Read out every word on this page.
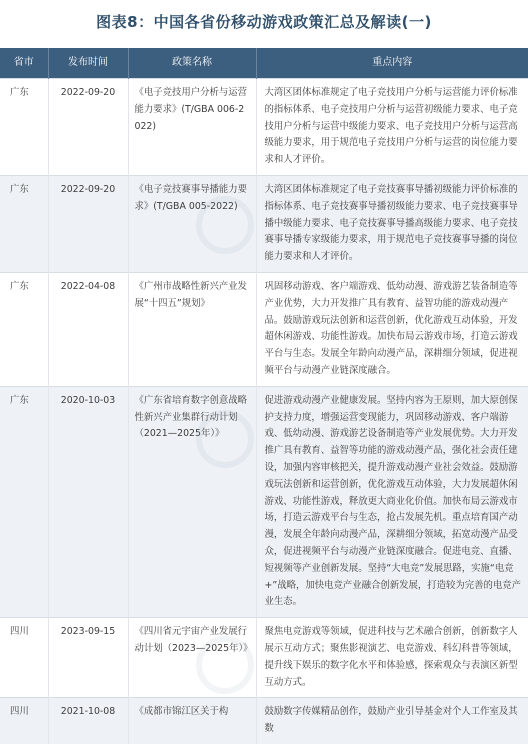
图表8：中国各省份移动游戏政策汇总及解读(一)
省市	发布时间	政策名称	重点内容
广东	2022-09-20	《电子竞技用户分析与运营能力要求》(T/GBA 006-2022)	大湾区团体标准规定了电子竞技用户分析与运营能力评价标准的指标体系、电子竞技用户分析与运营初级能力要求、电子竞技用户分析与运营中级能力要求、电子竞技用户分析与运营高级能力要求，用于规范电子竞技用户分析与运营的岗位能力要求和人才评价。
广东	2022-09-20	《电子竞技赛事导播能力要求》(T/GBA 005-2022)	大湾区团体标准规定了电子竞技赛事导播初级能力评价标准的指标体系、电子竞技赛事导播初级能力要求、电子竞技赛事导播中级能力要求、电子竞技赛事导播高级能力要求、电子竞技赛事导播专家级能力要求，用于规范电子竞技赛事导播的岗位能力要求和人才评价。
广东	2022-04-08	《广州市战略性新兴产业发展“十四五”规划》	巩固移动游戏、客户端游戏、低幼动漫、游戏游艺装备制造等产业优势，大力开发推广具有教育、益智功能的游戏动漫产品。鼓励游戏玩法创新和运营创新，优化游戏互动体验，开发超休闲游戏、功能性游戏。加快布局云游戏市场，打造云游戏平台与生态。发展全年龄向动漫产品，深耕细分领域，促进视频平台与动漫产业链深度融合。
广东	2020-10-03	《广东省培育数字创意战略性新兴产业集群行动计划（2021—2025年）》	促进游戏动漫产业健康发展。坚持内容为王原则，加大原创保护支持力度，增强运营变现能力，巩固移动游戏、客户端游戏、低幼动漫、游戏游艺设备制造等产业发展优势。大力开发推广具有教育、益智等功能的游戏动漫产品，强化社会责任建设，加强内容审核把关，提升游戏动漫产业社会效益。鼓励游戏玩法创新和运营创新，优化游戏互动体验，大力发展超休闲游戏、功能性游戏，释放更大商业化价值。加快布局云游戏市场，打造云游戏平台与生态，抢占发展先机。重点培育国产动漫，发展全年龄向动漫产品，深耕细分领域，拓宽动漫产品受众，促进视频平台与动漫产业链深度融合。促进电竞、直播、短视频等产业创新发展。坚持“大电竞”发展思路，实施“电竞+”战略，加快电竞产业融合创新发展，打造较为完善的电竞产业生态。
四川	2023-09-15	《四川省元宇宙产业发展行动计划（2023—2025年）》	聚焦电竞游戏等领域，促进科技与艺术融合创新，创新数字人展示互动方式；聚焦影视演艺、电竞游戏、科幻科普等领域，提升线下娱乐的数字化水平和体验感，探索观众与表演区新型互动方式。
四川	2021-10-08	《成都市锦江区关于构	鼓励数字传媒精品创作，鼓励产业引导基金对个人工作室及其数
